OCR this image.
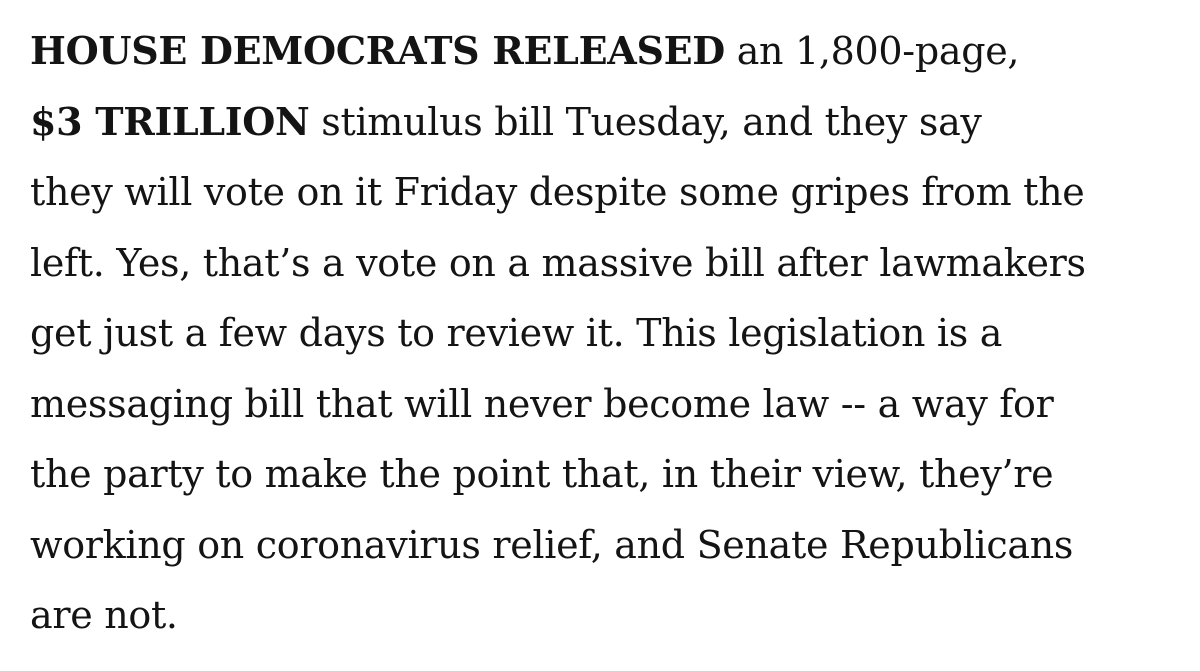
HOUSE DEMOCRATS RELEASED an 1,800-page,
$3 TRILLION stimulus bill Tuesday, and they say
they will vote on it Friday despite some gripes from the
left. Yes, that’s a vote on a massive bill after lawmakers
get just a few days to review it. This legislation is a
messaging bill that will never become law -- a way for
the party to make the point that, in their view, they’re
working on coronavirus relief, and Senate Republicans
are not.
